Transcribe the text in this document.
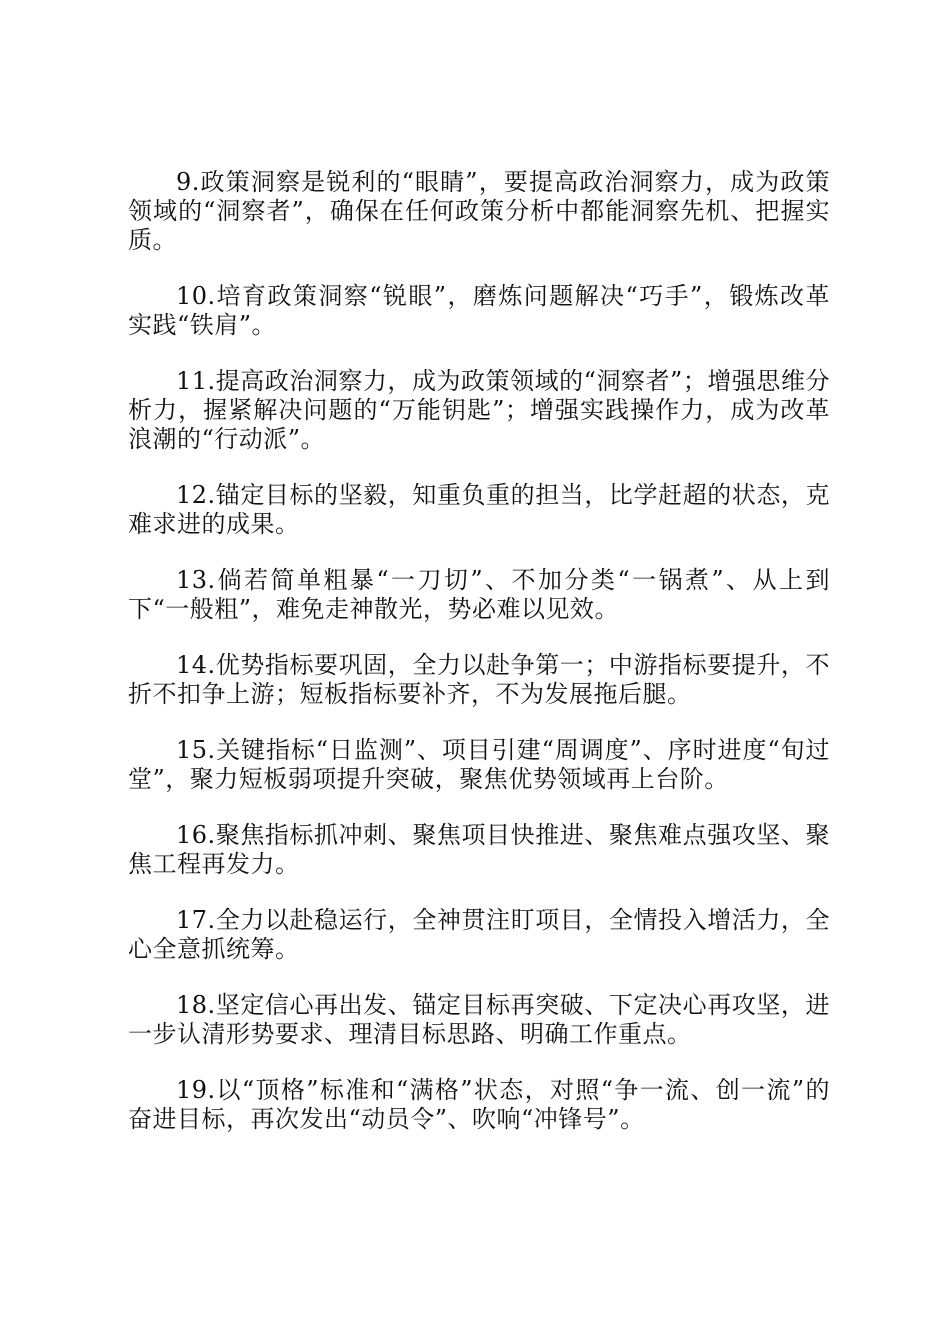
9.政策洞察是锐利的“眼睛”，要提高政治洞察力，成为政策领域的“洞察者”，确保在任何政策分析中都能洞察先机、把握实质。

10.培育政策洞察“锐眼”，磨炼问题解决“巧手”，锻炼改革实践“铁肩”。

11.提高政治洞察力，成为政策领域的“洞察者”；增强思维分析力，握紧解决问题的“万能钥匙”；增强实践操作力，成为改革浪潮的“行动派”。

12.锚定目标的坚毅，知重负重的担当，比学赶超的状态，克难求进的成果。

13.倘若简单粗暴“一刀切”、不加分类“一锅煮”、从上到下“一般粗”，难免走神散光，势必难以见效。

14.优势指标要巩固，全力以赴争第一；中游指标要提升，不折不扣争上游；短板指标要补齐，不为发展拖后腿。

15.关键指标“日监测”、项目引建“周调度”、序时进度“旬过堂”，聚力短板弱项提升突破，聚焦优势领域再上台阶。

16.聚焦指标抓冲刺、聚焦项目快推进、聚焦难点强攻坚、聚焦工程再发力。

17.全力以赴稳运行，全神贯注盯项目，全情投入增活力，全心全意抓统筹。

18.坚定信心再出发、锚定目标再突破、下定决心再攻坚，进一步认清形势要求、理清目标思路、明确工作重点。

19.以“顶格”标准和“满格”状态，对照“争一流、创一流”的奋进目标，再次发出“动员令”、吹响“冲锋号”。
